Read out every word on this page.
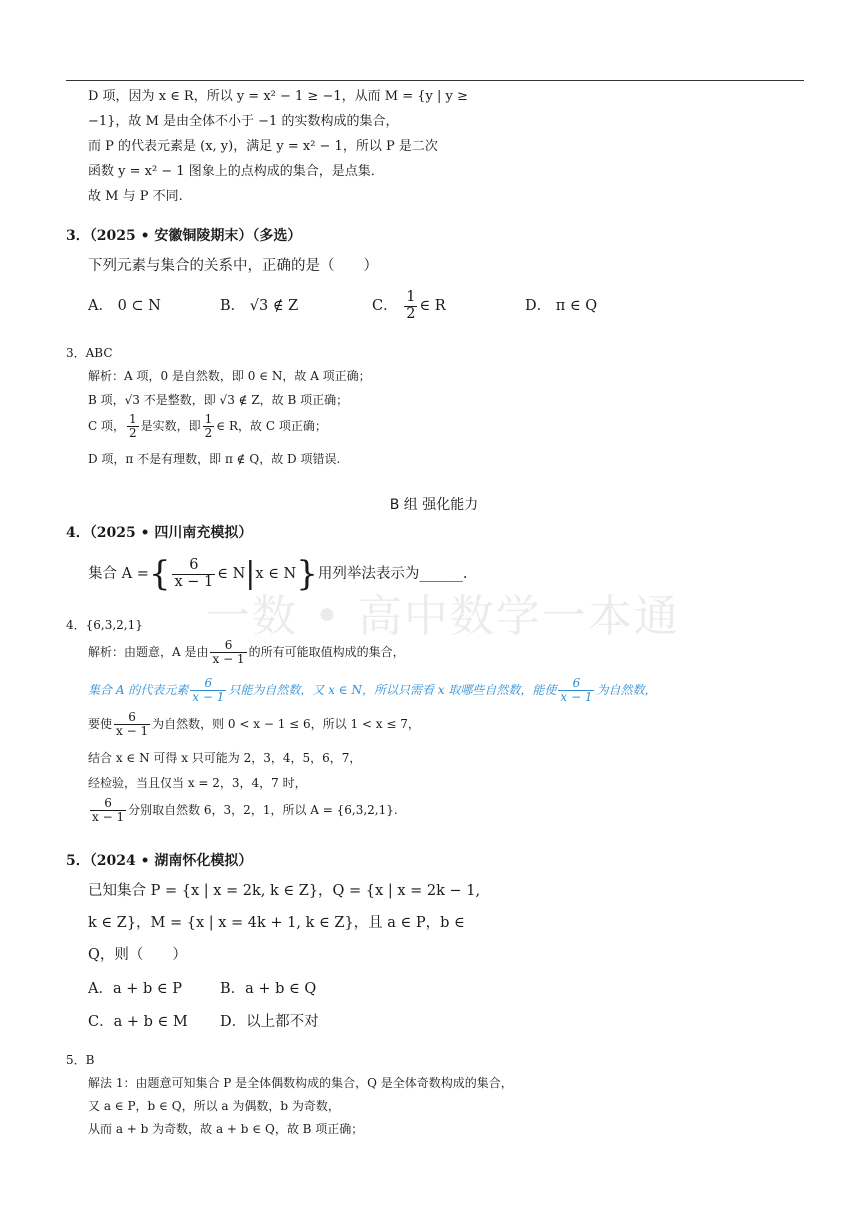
一数 • 高中数学一本通
D 项，因为 x ∈ R，所以 y = x² − 1 ≥ −1，从而 M = {y | y ≥
−1}，故 M 是由全体不小于 −1 的实数构成的集合，
而 P 的代表元素是 (x, y)，满足 y = x² − 1，所以 P 是二次
函数 y = x² − 1 图象上的点构成的集合，是点集．
故 M 与 P 不同.
3．（2025 • 安徽铜陵期末）（多选）
下列元素与集合的关系中，正确的是（　　）
A． 0 ⊂ N	B． √3 ∉ Z	C． $\frac{1}{2}$ ∈ R	D． π ∈ Q
3．ABC
解析：A 项，0 是自然数，即 0 ∈ N，故 A 项正确；
B 项，√3 不是整数，即 √3 ∉ Z，故 B 项正确；
C 项， $\frac{1}{2}$ 是实数，即 $\frac{1}{2}$ ∈ R，故 C 项正确；
D 项，π 不是有理数，即 π ∉ Q，故 D 项错误.
B 组 强化能力
4．（2025 • 四川南充模拟）
集合 A ={ $\frac{6}{x - 1}$ ∈ N|x ∈ N}用列举法表示为______.
4．{6,3,2,1}
解析：由题意，A 是由 $\frac{6}{x - 1}$ 的所有可能取值构成的集合，
集合 A 的代表元素 $\frac{6}{x - 1}$ 只能为自然数，又 x ∈ N，所以只需看 x 取哪些自然数，能使 $\frac{6}{x - 1}$ 为自然数，
要使 $\frac{6}{x - 1}$ 为自然数，则 0 < x − 1 ≤ 6，所以 1 < x ≤ 7，
结合 x ∈ N 可得 x 只可能为 2，3，4，5，6，7，
经检验，当且仅当 x = 2，3，4，7 时，
$\frac{6}{x - 1}$ 分别取自然数 6，3，2，1，所以 A = {6,3,2,1}.
5．（2024 • 湖南怀化模拟）
已知集合 P = {x | x = 2k, k ∈ Z}，Q = {x | x = 2k − 1,
k ∈ Z}，M = {x | x = 4k + 1, k ∈ Z}，且 a ∈ P，b ∈
Q，则（　　）
A．a + b ∈ P	B．a + b ∈ Q
C．a + b ∈ M D．以上都不对
5．B
解法 1：由题意可知集合 P 是全体偶数构成的集合，Q 是全体奇数构成的集合，
又 a ∈ P，b ∈ Q，所以 a 为偶数，b 为奇数，
从而 a + b 为奇数，故 a + b ∈ Q，故 B 项正确；
